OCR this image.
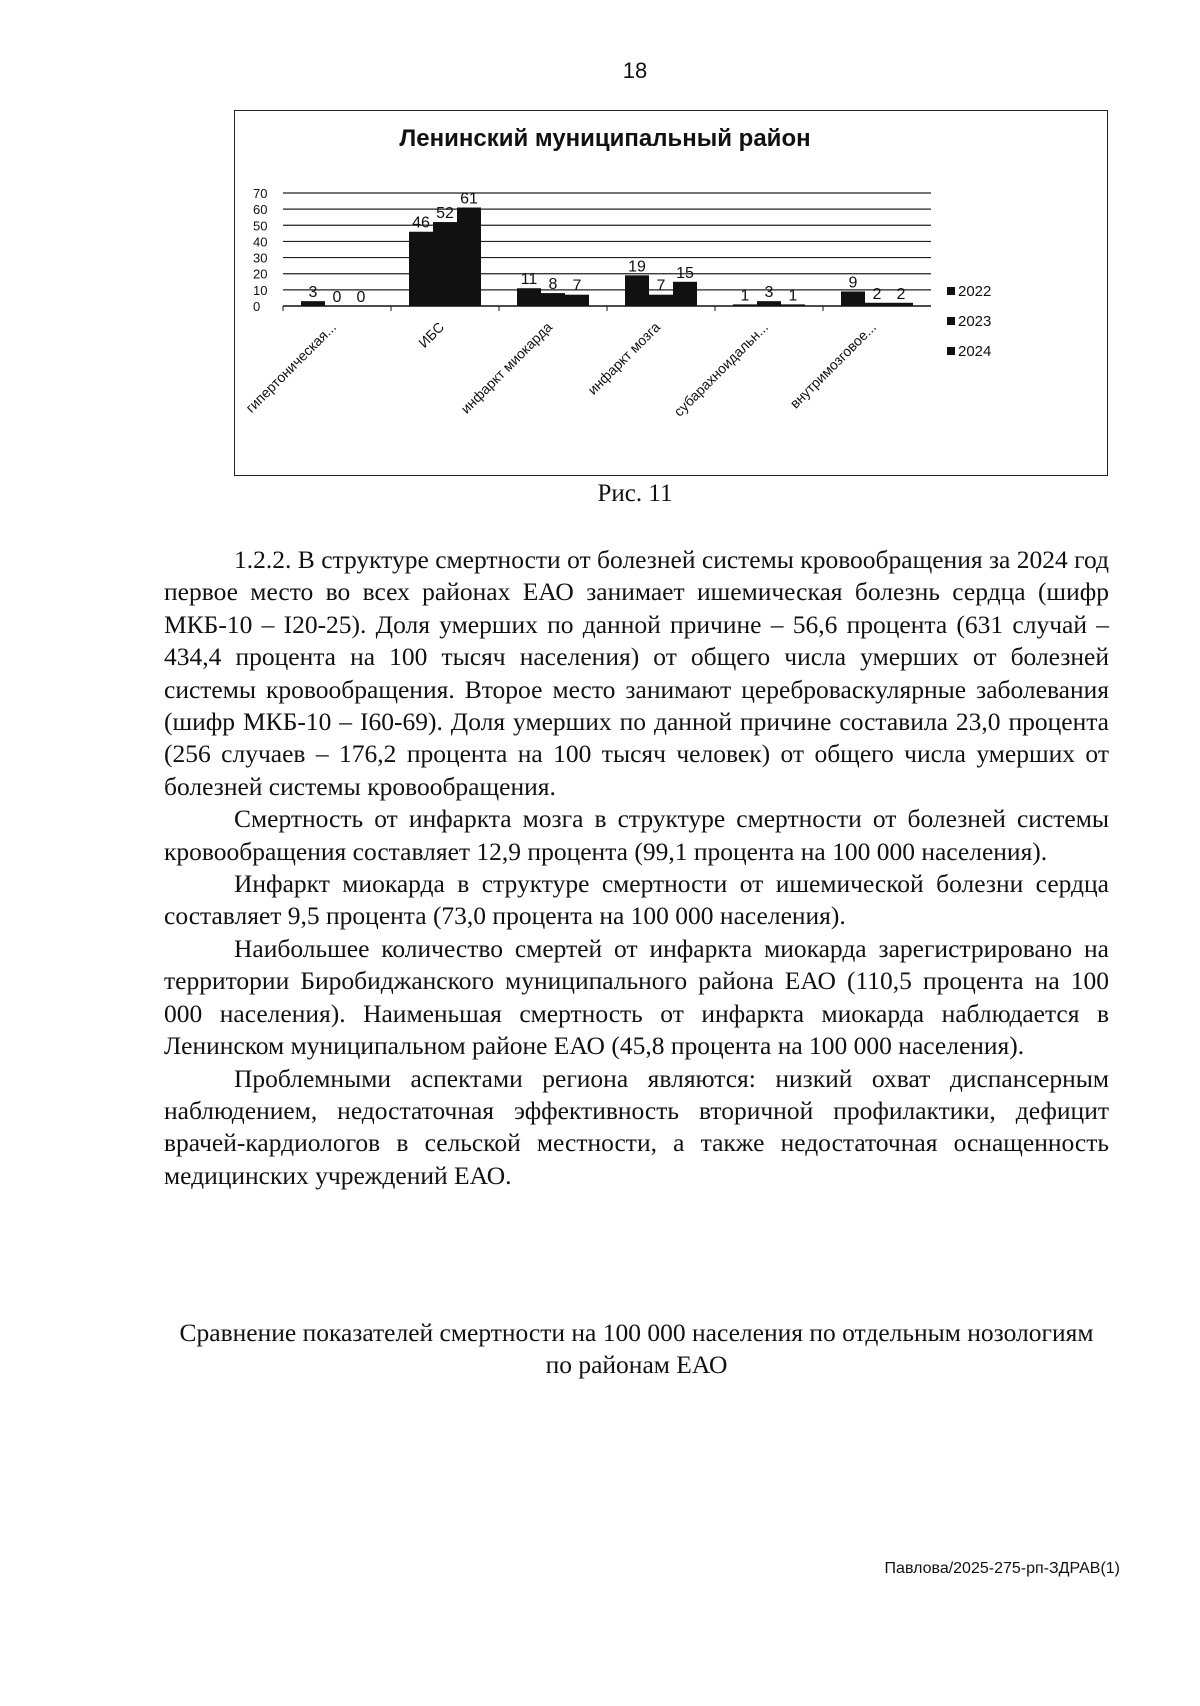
18
Ленинский муниципальный район
0
10
20
30
40
50
60
70
гипертоническая...
3 0 0
ИБС
46
52
61
инфаркт миокарда
11 8 7
инфаркт мозга
19
7
15
субарахноидальн...
1 3 1
внутримозговое...
9
2 2	2022
2023
2024
Рис. 11

1.2.2. В структуре смертности от болезней системы кровообращения за 2024 год первое место во всех районах ЕАО занимает ишемическая болезнь сердца (шифр МКБ-10 – I20-25). Доля умерших по данной причине – 56,6 процента (631 случай – 434,4 процента на 100 тысяч населения) от общего числа умерших от болезней системы кровообращения. Второе место занимают цереброваскулярные заболевания (шифр МКБ-10 – I60-69). Доля умерших по данной причине составила 23,0 процента (256 случаев – 176,2 процента на 100 тысяч человек) от общего числа умерших от болезней системы кровообращения.

Смертность от инфаркта мозга в структуре смертности от болезней системы кровообращения составляет 12,9 процента (99,1 процента на 100 000 населения).

Инфаркт миокарда в структуре смертности от ишемической болезни сердца составляет 9,5 процента (73,0 процента на 100 000 населения).

Наибольшее количество смертей от инфаркта миокарда зарегистрировано на территории Биробиджанского муниципального района ЕАО (110,5 процента на 100 000 населения). Наименьшая смертность от инфаркта миокарда наблюдается в Ленинском муниципальном районе ЕАО (45,8 процента на 100 000 населения).

Проблемными аспектами региона являются: низкий охват диспансерным наблюдением, недостаточная эффективность вторичной профилактики, дефицит врачей-кардиологов в сельской местности, а также недостаточная оснащенность медицинских учреждений ЕАО.

Сравнение показателей смертности на 100 000 населения по отдельным нозологиям по районам ЕАО
Павлова/2025-275-рп-ЗДРАВ(1)
